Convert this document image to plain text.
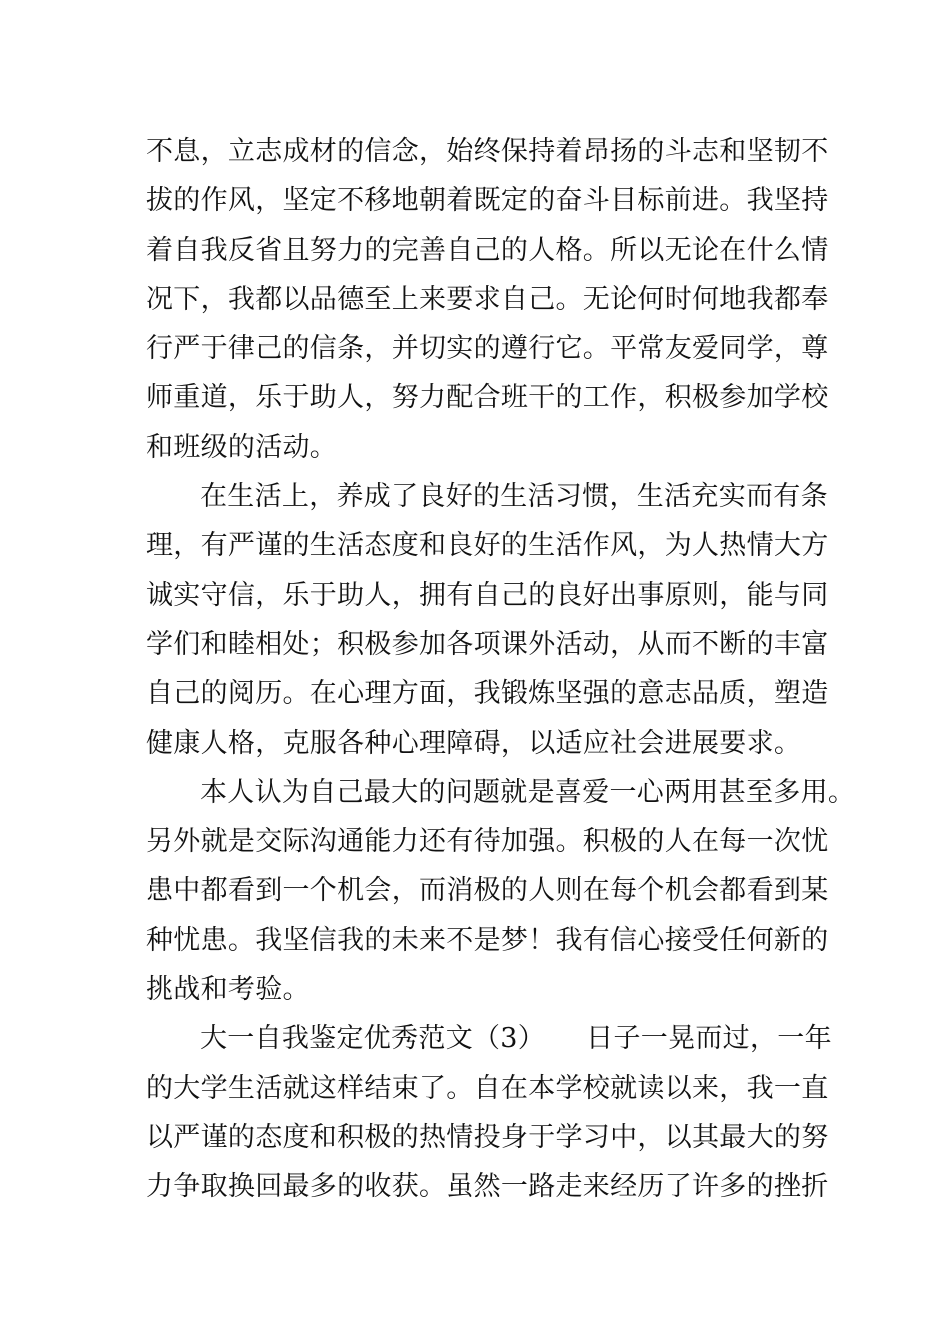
不息，立志成材的信念，始终保持着昂扬的斗志和坚韧不
拔的作风，坚定不移地朝着既定的奋斗目标前进。我坚持
着自我反省且努力的完善自己的人格。所以无论在什么情
况下，我都以品德至上来要求自己。无论何时何地我都奉
行严于律己的信条，并切实的遵行它。平常友爱同学，尊
师重道，乐于助人，努力配合班干的工作，积极参加学校
和班级的活动。
在生活上，养成了良好的生活习惯，生活充实而有条
理，有严谨的生活态度和良好的生活作风，为人热情大方
诚实守信，乐于助人，拥有自己的良好出事原则，能与同
学们和睦相处；积极参加各项课外活动，从而不断的丰富
自己的阅历。在心理方面，我锻炼坚强的意志品质，塑造
健康人格，克服各种心理障碍，以适应社会进展要求。
本人认为自己最大的问题就是喜爱一心两用甚至多用。
另外就是交际沟通能力还有待加强。积极的人在每一次忧
患中都看到一个机会，而消极的人则在每个机会都看到某
种忧患。我坚信我的未来不是梦！我有信心接受任何新的
挑战和考验。
大一自我鉴定优秀范文（3）　　日子一晃而过，一年
的大学生活就这样结束了。自在本学校就读以来，我一直
以严谨的态度和积极的热情投身于学习中，以其最大的努
力争取换回最多的收获。虽然一路走来经历了许多的挫折
